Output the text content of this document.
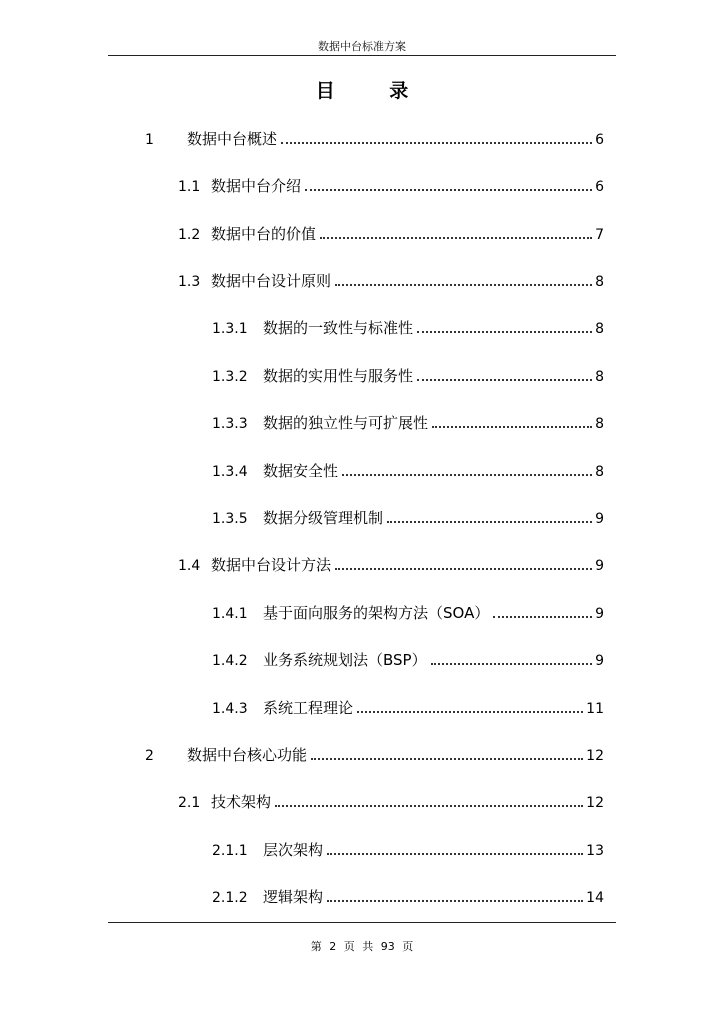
数据中台标准方案
目 录
1	数据中台概述	6
1.1 数据中台介绍	6
1.2 数据中台的价值	7
1.3 数据中台设计原则	8
1.3.1	数据的一致性与标准性	8
1.3.2	数据的实用性与服务性	8
1.3.3	数据的独立性与可扩展性	8
1.3.4	数据安全性	8
1.3.5	数据分级管理机制	9
1.4 数据中台设计方法	9
1.4.1	基于面向服务的架构方法（SOA）	9
1.4.2	业务系统规划法（BSP）	9
1.4.3	系统工程理论	11
2	数据中台核心功能	12
2.1 技术架构	12
2.1.1	层次架构	13
2.1.2	逻辑架构	14
第 2 页 共 93 页
